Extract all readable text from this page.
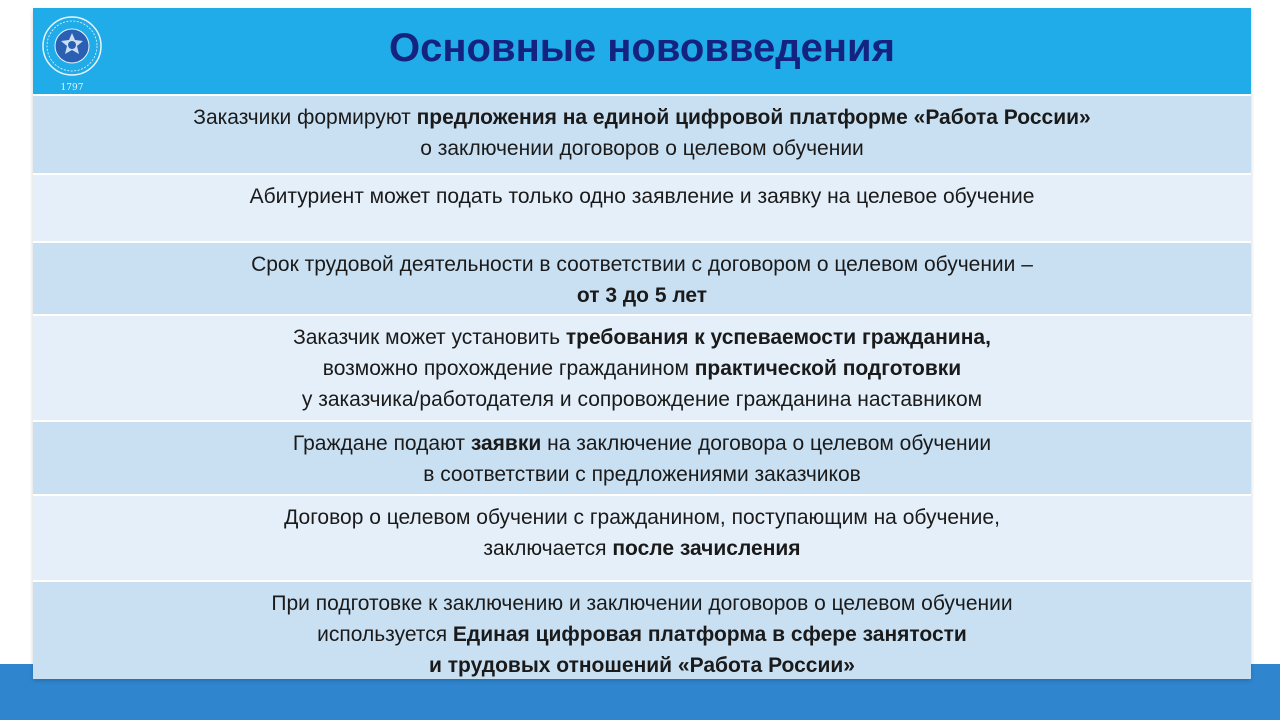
1797
Основные нововведения
Заказчики формируют предложения на единой цифровой платформе «Работа России»
о заключении договоров о целевом обучении
Абитуриент может подать только одно заявление и заявку на целевое обучение
Срок трудовой деятельности в соответствии с договором о целевом обучении –
от 3 до 5 лет
Заказчик может установить требования к успеваемости гражданина,
возможно прохождение гражданином практической подготовки
у заказчика/работодателя и сопровождение гражданина наставником
Граждане подают заявки на заключение договора о целевом обучении
в соответствии с предложениями заказчиков
Договор о целевом обучении с гражданином, поступающим на обучение,
заключается после зачисления
При подготовке к заключению и заключении договоров о целевом обучении
используется Единая цифровая платформа в сфере занятости
и трудовых отношений «Работа России»
